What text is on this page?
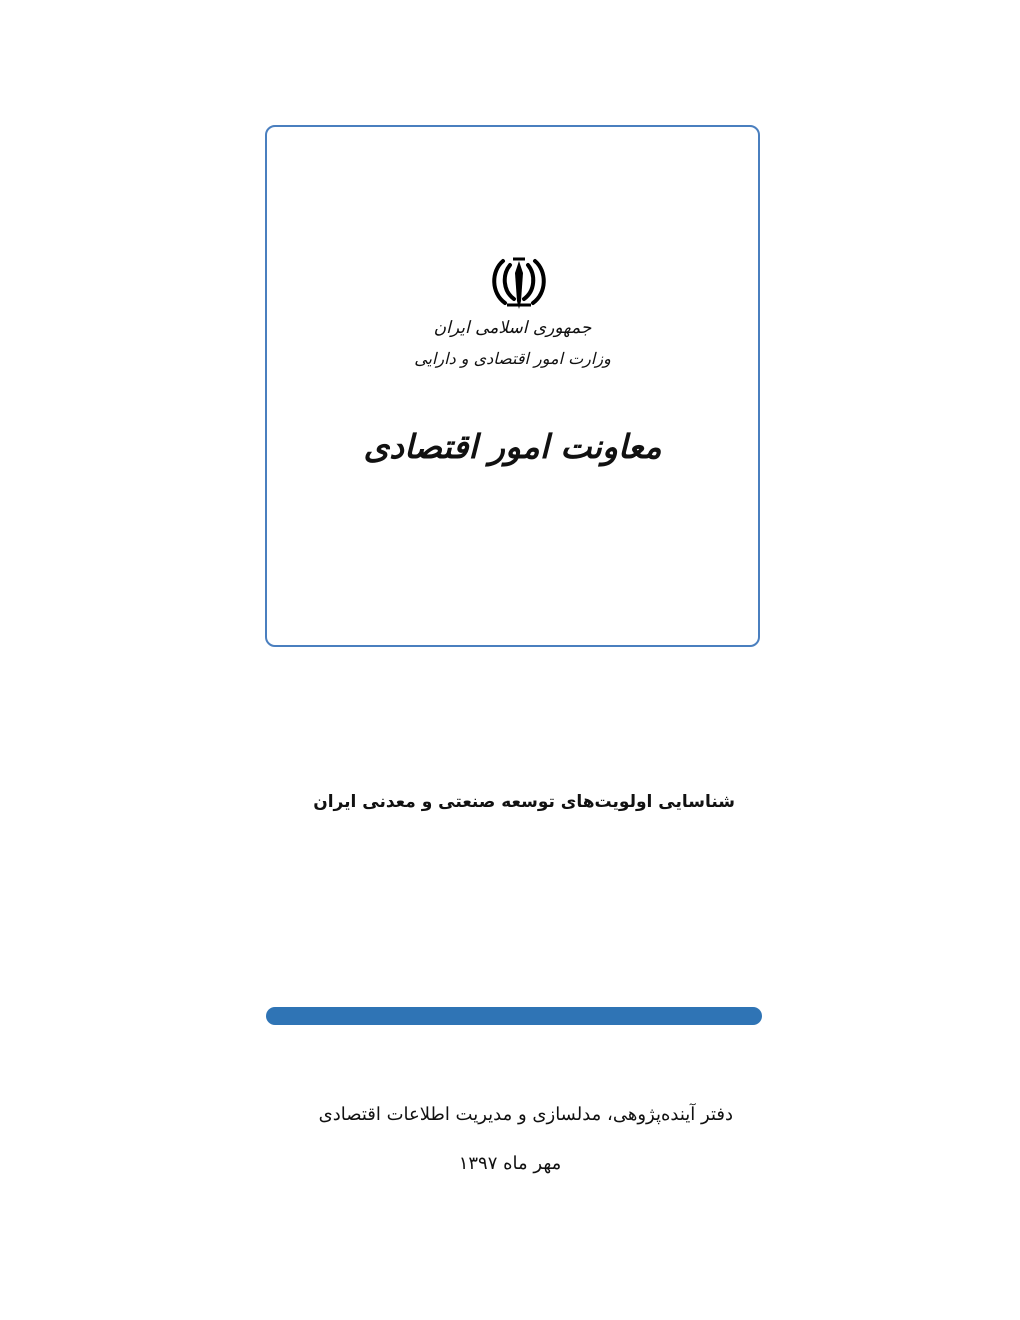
جمهوری اسلامی ایران
وزارت امور اقتصادی و دارایی
معاونت امور اقتصادی
شناسایی اولویت‌های توسعه صنعتی و معدنی ایران
دفتر آینده‌پژوهی، مدلسازی و مدیریت اطلاعات اقتصادی
مهر ماه ۱۳۹۷
